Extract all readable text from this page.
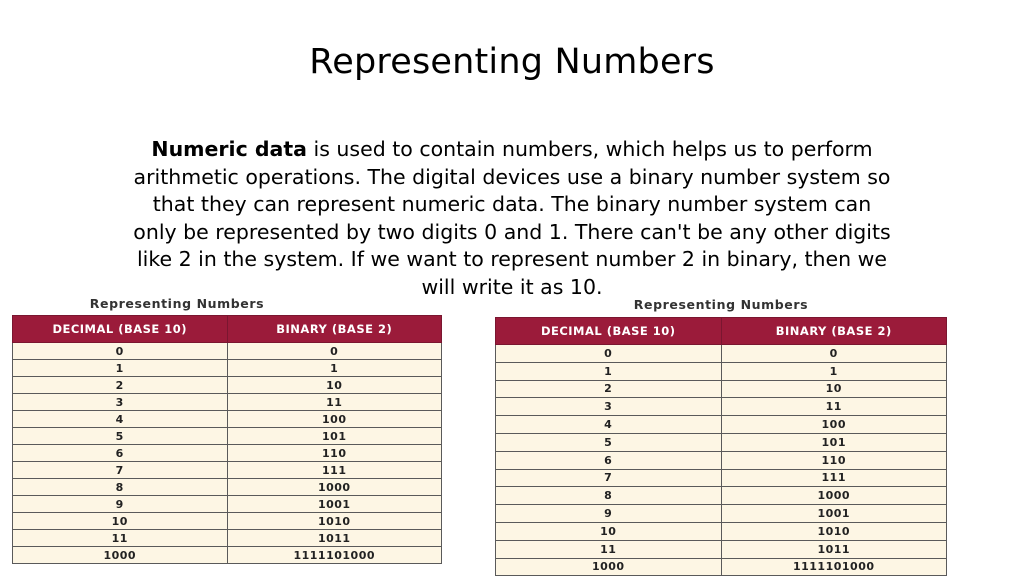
Representing Numbers
Numeric data is used to contain numbers, which helps us to perform arithmetic operations. The digital devices use a binary number system so that they can represent numeric data. The binary number system can only be represented by two digits 0 and 1. There can't be any other digits like 2 in the system. If we want to represent number 2 in binary, then we will write it as 10.
Representing Numbers
DECIMAL (BASE 10)	BINARY (BASE 2)
0	0
1	1
2	10
3	11
4	100
5	101
6	110
7	111
8	1000
9	1001
10	1010
11	1011
1000	1111101000
Representing Numbers
DECIMAL (BASE 10)	BINARY (BASE 2)
0	0
1	1
2	10
3	11
4	100
5	101
6	110
7	111
8	1000
9	1001
10	1010
11	1011
1000	1111101000
